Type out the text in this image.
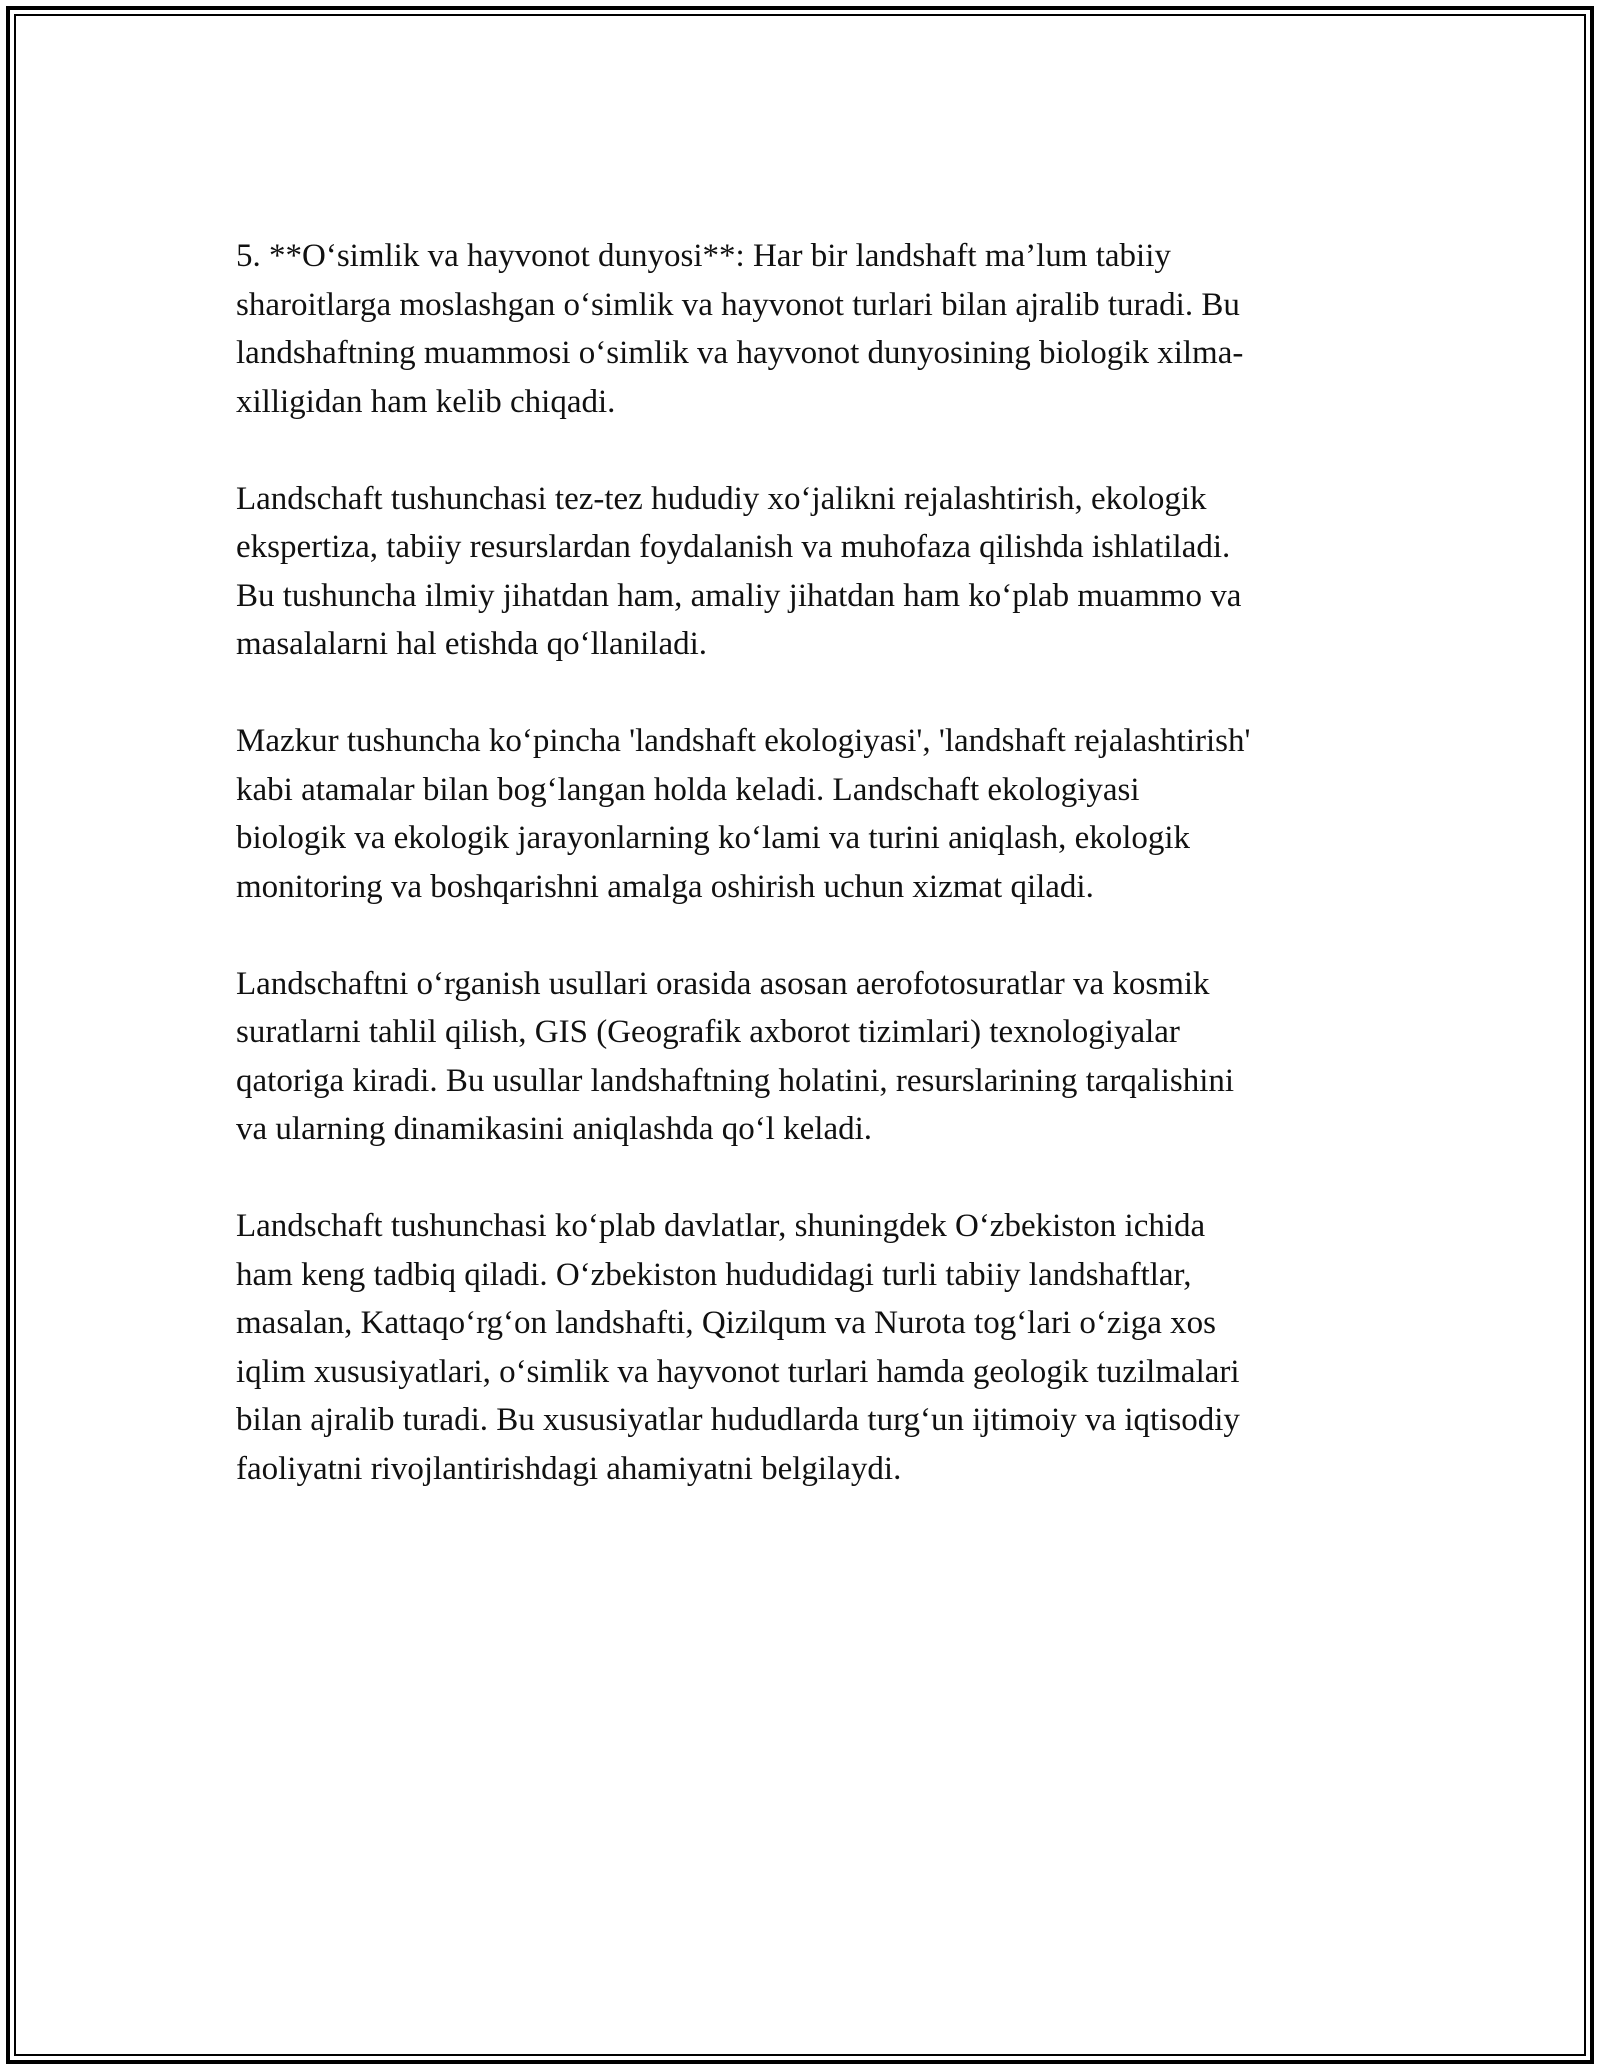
5. **O‘simlik va hayvonot dunyosi**: Har bir landshaft ma’lum tabiiy
sharoitlarga moslashgan o‘simlik va hayvonot turlari bilan ajralib turadi. Bu
landshaftning muammosi o‘simlik va hayvonot dunyosining biologik xilma-
xilligidan ham kelib chiqadi.

Landschaft tushunchasi tez-tez hududiy xo‘jalikni rejalashtirish, ekologik
ekspertiza, tabiiy resurslardan foydalanish va muhofaza qilishda ishlatiladi.
Bu tushuncha ilmiy jihatdan ham, amaliy jihatdan ham ko‘plab muammo va
masalalarni hal etishda qo‘llaniladi.

Mazkur tushuncha ko‘pincha 'landshaft ekologiyasi', 'landshaft rejalashtirish'
kabi atamalar bilan bog‘langan holda keladi. Landschaft ekologiyasi
biologik va ekologik jarayonlarning ko‘lami va turini aniqlash, ekologik
monitoring va boshqarishni amalga oshirish uchun xizmat qiladi.

Landschaftni o‘rganish usullari orasida asosan aerofotosuratlar va kosmik
suratlarni tahlil qilish, GIS (Geografik axborot tizimlari) texnologiyalar
qatoriga kiradi. Bu usullar landshaftning holatini, resurslarining tarqalishini
va ularning dinamikasini aniqlashda qo‘l keladi.

Landschaft tushunchasi ko‘plab davlatlar, shuningdek O‘zbekiston ichida
ham keng tadbiq qiladi. O‘zbekiston hududidagi turli tabiiy landshaftlar,
masalan, Kattaqo‘rg‘on landshafti, Qizilqum va Nurota tog‘lari o‘ziga xos
iqlim xususiyatlari, o‘simlik va hayvonot turlari hamda geologik tuzilmalari
bilan ajralib turadi. Bu xususiyatlar hududlarda turg‘un ijtimoiy va iqtisodiy
faoliyatni rivojlantirishdagi ahamiyatni belgilaydi.
